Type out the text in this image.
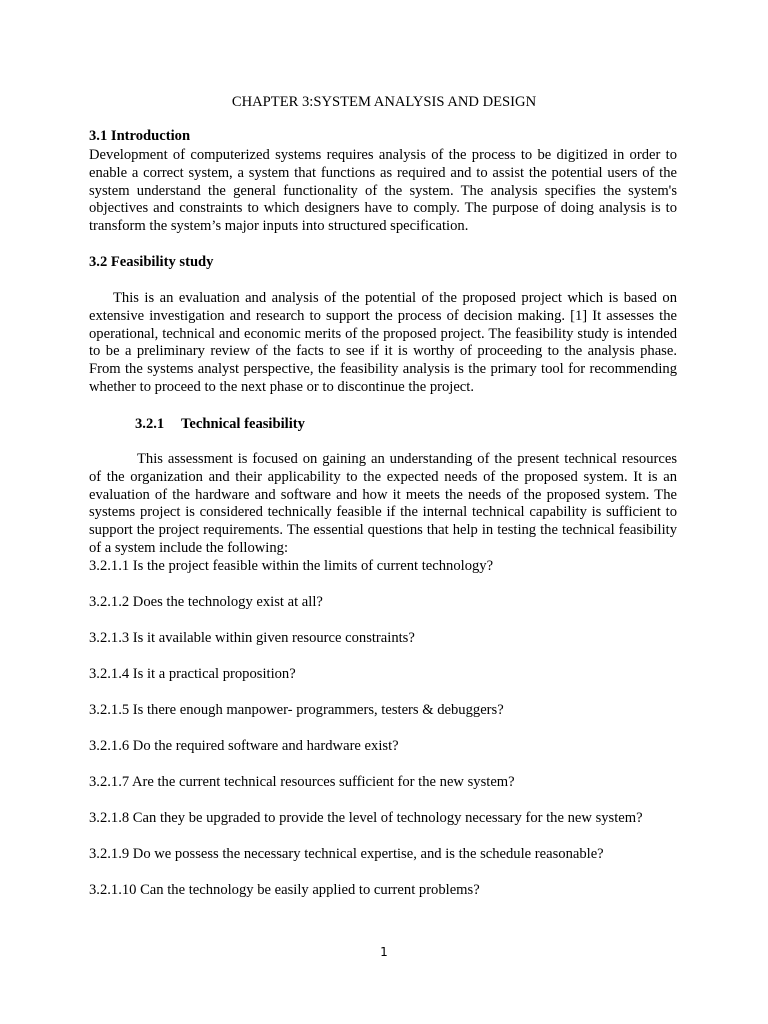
CHAPTER 3:SYSTEM ANALYSIS AND DESIGN
3.1 Introduction
Development of computerized systems requires analysis of the process to be digitized in order to enable a correct system, a system that functions as required and to assist the potential users of the system understand the general functionality of the system. The analysis specifies the system's objectives and constraints to which designers have to comply. The purpose of doing analysis is to transform the system’s major inputs into structured specification.
3.2 Feasibility study
This is an evaluation and analysis of the potential of the proposed project which is based on extensive investigation and research to support the process of decision making. [1] It assesses the operational, technical and economic merits of the proposed project. The feasibility study is intended to be a preliminary review of the facts to see if it is worthy of proceeding to the analysis phase. From the systems analyst perspective, the feasibility analysis is the primary tool for recommending whether to proceed to the next phase or to discontinue the project.
3.2.1 Technical feasibility
This assessment is focused on gaining an understanding of the present technical resources of the organization and their applicability to the expected needs of the proposed system. It is an evaluation of the hardware and software and how it meets the needs of the proposed system. The systems project is considered technically feasible if the internal technical capability is sufficient to support the project requirements. The essential questions that help in testing the technical feasibility of a system include the following:
3.2.1.1 Is the project feasible within the limits of current technology?
3.2.1.2 Does the technology exist at all?
3.2.1.3 Is it available within given resource constraints?
3.2.1.4 Is it a practical proposition?
3.2.1.5 Is there enough manpower- programmers, testers & debuggers?
3.2.1.6 Do the required software and hardware exist?
3.2.1.7 Are the current technical resources sufficient for the new system?
3.2.1.8 Can they be upgraded to provide the level of technology necessary for the new system?
3.2.1.9 Do we possess the necessary technical expertise, and is the schedule reasonable?
3.2.1.10 Can the technology be easily applied to current problems?
1
